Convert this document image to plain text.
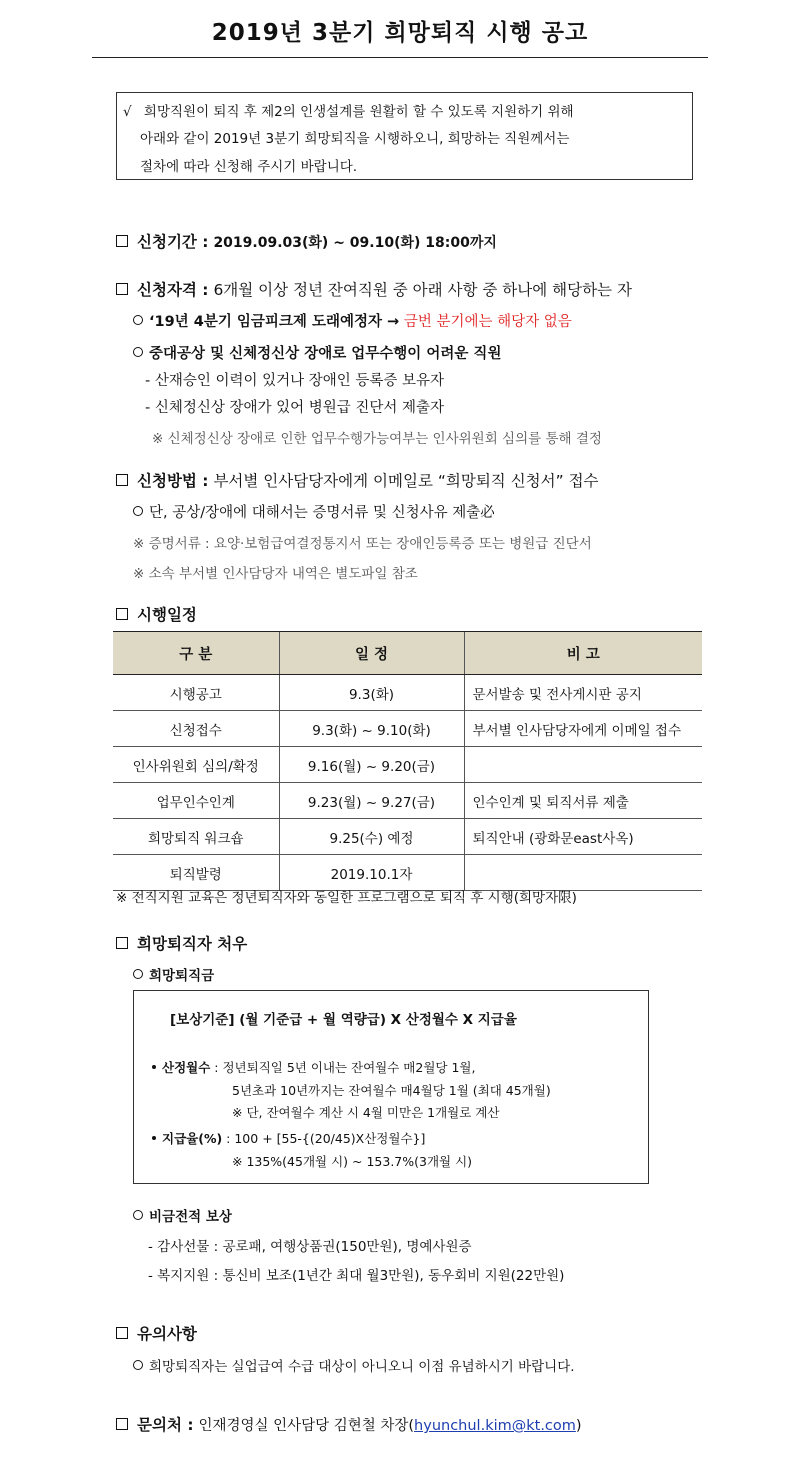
2019년 3분기 희망퇴직 시행 공고
√ 희망직원이 퇴직 후 제2의 인생설계를 원활히 할 수 있도록 지원하기 위해
아래와 같이 2019년 3분기 희망퇴직을 시행하오니, 희망하는 직원께서는
절차에 따라 신청해 주시기 바랍니다.
신청기간 : 2019.09.03(화) ~ 09.10(화) 18:00까지
신청자격 : 6개월 이상 정년 잔여직원 중 아래 사항 중 하나에 해당하는 자
‘19년 4분기 임금피크제 도래예정자 → 금번 분기에는 해당자 없음
중대공상 및 신체정신상 장애로 업무수행이 어려운 직원
- 산재승인 이력이 있거나 장애인 등록증 보유자
- 신체정신상 장애가 있어 병원급 진단서 제출자
※ 신체정신상 장애로 인한 업무수행가능여부는 인사위원회 심의를 통해 결정
신청방법 : 부서별 인사담당자에게 이메일로 “희망퇴직 신청서” 접수
단, 공상/장애에 대해서는 증명서류 및 신청사유 제출必
※ 증명서류 : 요양·보험급여결정통지서 또는 장애인등록증 또는 병원급 진단서
※ 소속 부서별 인사담당자 내역은 별도파일 참조
시행일정
구 분	일 정	비 고
시행공고	9.3(화)	문서발송 및 전사게시판 공지
신청접수	9.3(화) ~ 9.10(화)	부서별 인사담당자에게 이메일 접수
인사위원회 심의/확정	9.16(월) ~ 9.20(금)	
업무인수인계	9.23(월) ~ 9.27(금)	인수인계 및 퇴직서류 제출
희망퇴직 워크숍	9.25(수) 예정	퇴직안내 (광화문east사옥)
퇴직발령	2019.10.1자	
※ 전직지원 교육은 정년퇴직자와 동일한 프로그램으로 퇴직 후 시행(희망자限)
희망퇴직자 처우
희망퇴직금
[보상기준] (월 기준급 + 월 역량급) X 산정월수 X 지급율
산정월수 : 정년퇴직일 5년 이내는 잔여월수 매2월당 1월,
5년초과 10년까지는 잔여월수 매4월당 1월 (최대 45개월)
※ 단, 잔여월수 계산 시 4월 미만은 1개월로 계산
지급율(%) : 100 + [55-{(20/45)X산정월수}]
※ 135%(45개월 시) ~ 153.7%(3개월 시)
비금전적 보상
- 감사선물 : 공로패, 여행상품권(150만원), 명예사원증
- 복지지원 : 통신비 보조(1년간 최대 월3만원), 동우회비 지원(22만원)
유의사항
희망퇴직자는 실업급여 수급 대상이 아니오니 이점 유념하시기 바랍니다.
문의처 : 인재경영실 인사담당 김현철 차장(hyunchul.kim@kt.com)
